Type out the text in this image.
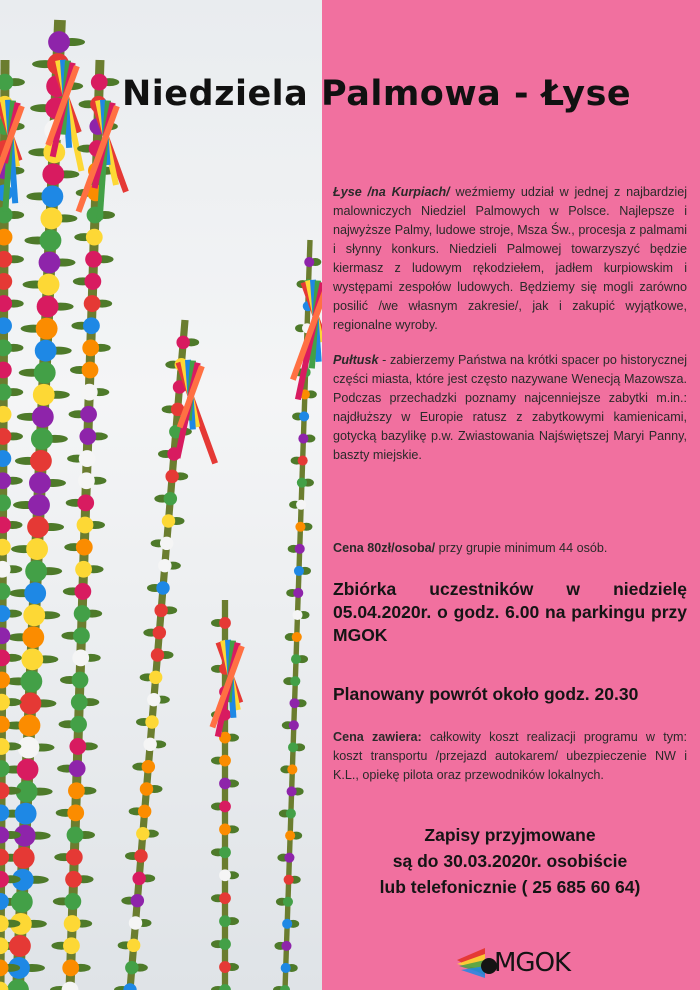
Niedziela Palmowa - Łyse
Łyse /na Kurpiach/ weźmiemy udział w jednej z najbardziej malowniczych Niedziel Palmowych w Polsce. Najlepsze i najwyższe Palmy, ludowe stroje, Msza Św., procesja z palmami i słynny konkurs. Niedzieli Palmowej towarzyszyć będzie kiermasz z ludowym rękodziełem, jadłem kurpiowskim i występami zespołów ludowych. Będziemy się mogli zarówno posilić /we własnym zakresie/, jak i zakupić wyjątkowe, regionalne wyroby.
Pułtusk - zabierzemy Państwa na krótki spacer po historycznej części miasta, które jest często nazywane Wenecją Mazowsza. Podczas przechadzki poznamy najcenniejsze zabytki m.in.: najdłuższy w Europie ratusz z zabytkowymi kamienicami, gotycką bazylikę p.w. Zwiastowania Najświętszej Maryi Panny, baszty miejskie.
Cena 80zł/osoba/ przy grupie minimum 44 osób.
Zbiórka uczestników w niedzielę 05.04.2020r. o godz. 6.00 na parkingu przy MGOK
Planowany powrót około godz. 20.30
Cena zawiera: całkowity koszt realizacji programu w tym: koszt transportu /przejazd autokarem/ ubezpieczenie NW i K.L., opiekę pilota oraz przewodników lokalnych.
Zapisy przyjmowane
są do 30.03.2020r. osobiście
lub telefonicznie ( 25 685 60 64)
MGOK
